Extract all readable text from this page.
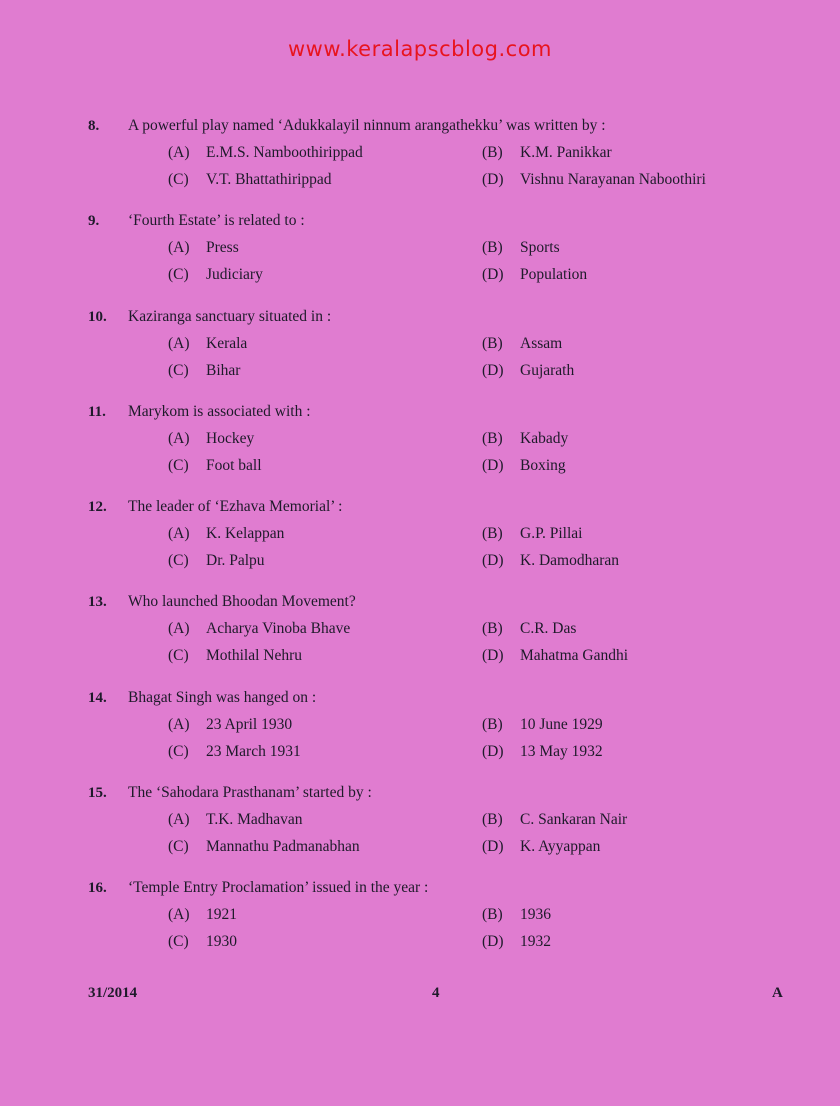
www.keralapscblog.com
8. A powerful play named ‘Adukkalayil ninnum arangathekku’ was written by :
(A) E.M.S. Namboothirippad	(B) K.M. Panikkar
(C) V.T. Bhattathirippad	(D) Vishnu Narayanan Naboothiri
9. ‘Fourth Estate’ is related to :
(A) Press	(B) Sports
(C) Judiciary	(D) Population
10. Kaziranga sanctuary situated in :
(A) Kerala	(B) Assam
(C) Bihar	(D) Gujarath
11. Marykom is associated with :
(A) Hockey	(B) Kabady
(C) Foot ball	(D) Boxing
12. The leader of ‘Ezhava Memorial’ :
(A) K. Kelappan	(B) G.P. Pillai
(C) Dr. Palpu	(D) K. Damodharan
13. Who launched Bhoodan Movement?
(A) Acharya Vinoba Bhave	(B) C.R. Das
(C) Mothilal Nehru	(D) Mahatma Gandhi
14. Bhagat Singh was hanged on :
(A) 23 April 1930	(B) 10 June 1929
(C) 23 March 1931	(D) 13 May 1932
15. The ‘Sahodara Prasthanam’ started by :
(A) T.K. Madhavan	(B) C. Sankaran Nair
(C) Mannathu Padmanabhan	(D) K. Ayyappan
16. ‘Temple Entry Proclamation’ issued in the year :
(A) 1921	(B) 1936
(C) 1930	(D) 1932
31/2014	4	A
